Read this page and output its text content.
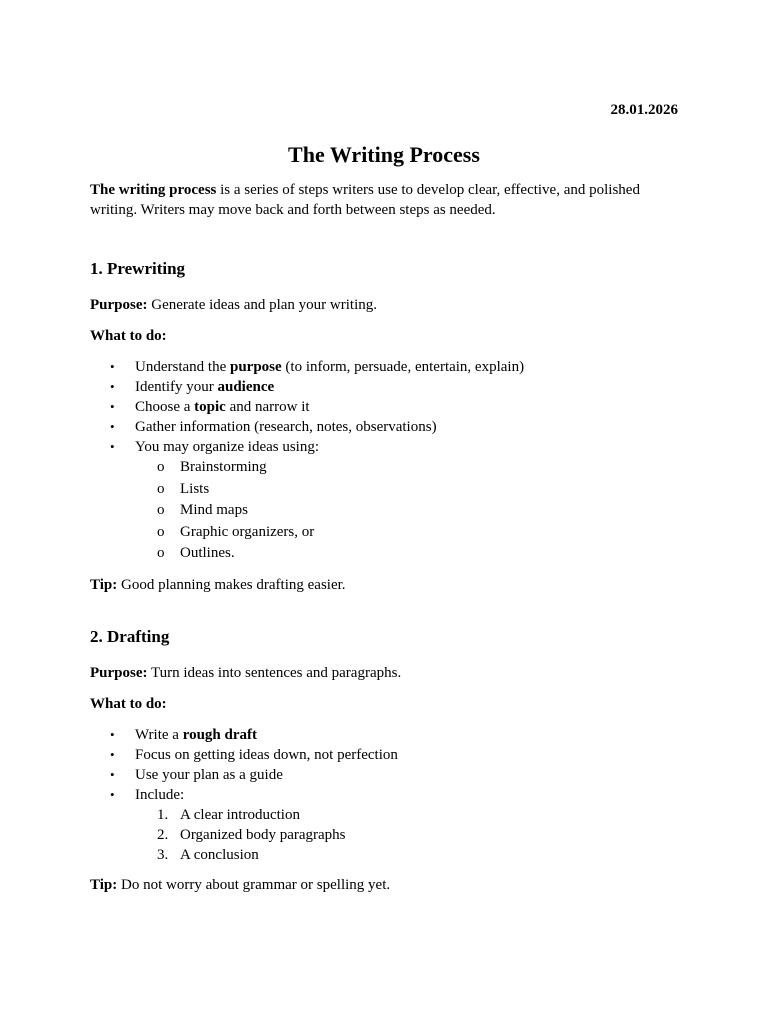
28.01.2026
The Writing Process

The writing process is a series of steps writers use to develop clear, effective, and polished writing. Writers may move back and forth between steps as needed.

1. Prewriting

Purpose: Generate ideas and plan your writing.

What to do:

• Understand the purpose (to inform, persuade, entertain, explain)
• Identify your audience
• Choose a topic and narrow it
• Gather information (research, notes, observations)
• You may organize ideas using:
o Brainstorming
o Lists
o Mind maps
o Graphic organizers, or
o Outlines.

Tip: Good planning makes drafting easier.

2. Drafting

Purpose: Turn ideas into sentences and paragraphs.

What to do:

• Write a rough draft
• Focus on getting ideas down, not perfection
• Use your plan as a guide
• Include:
1. A clear introduction
2. Organized body paragraphs
3. A conclusion

Tip: Do not worry about grammar or spelling yet.
